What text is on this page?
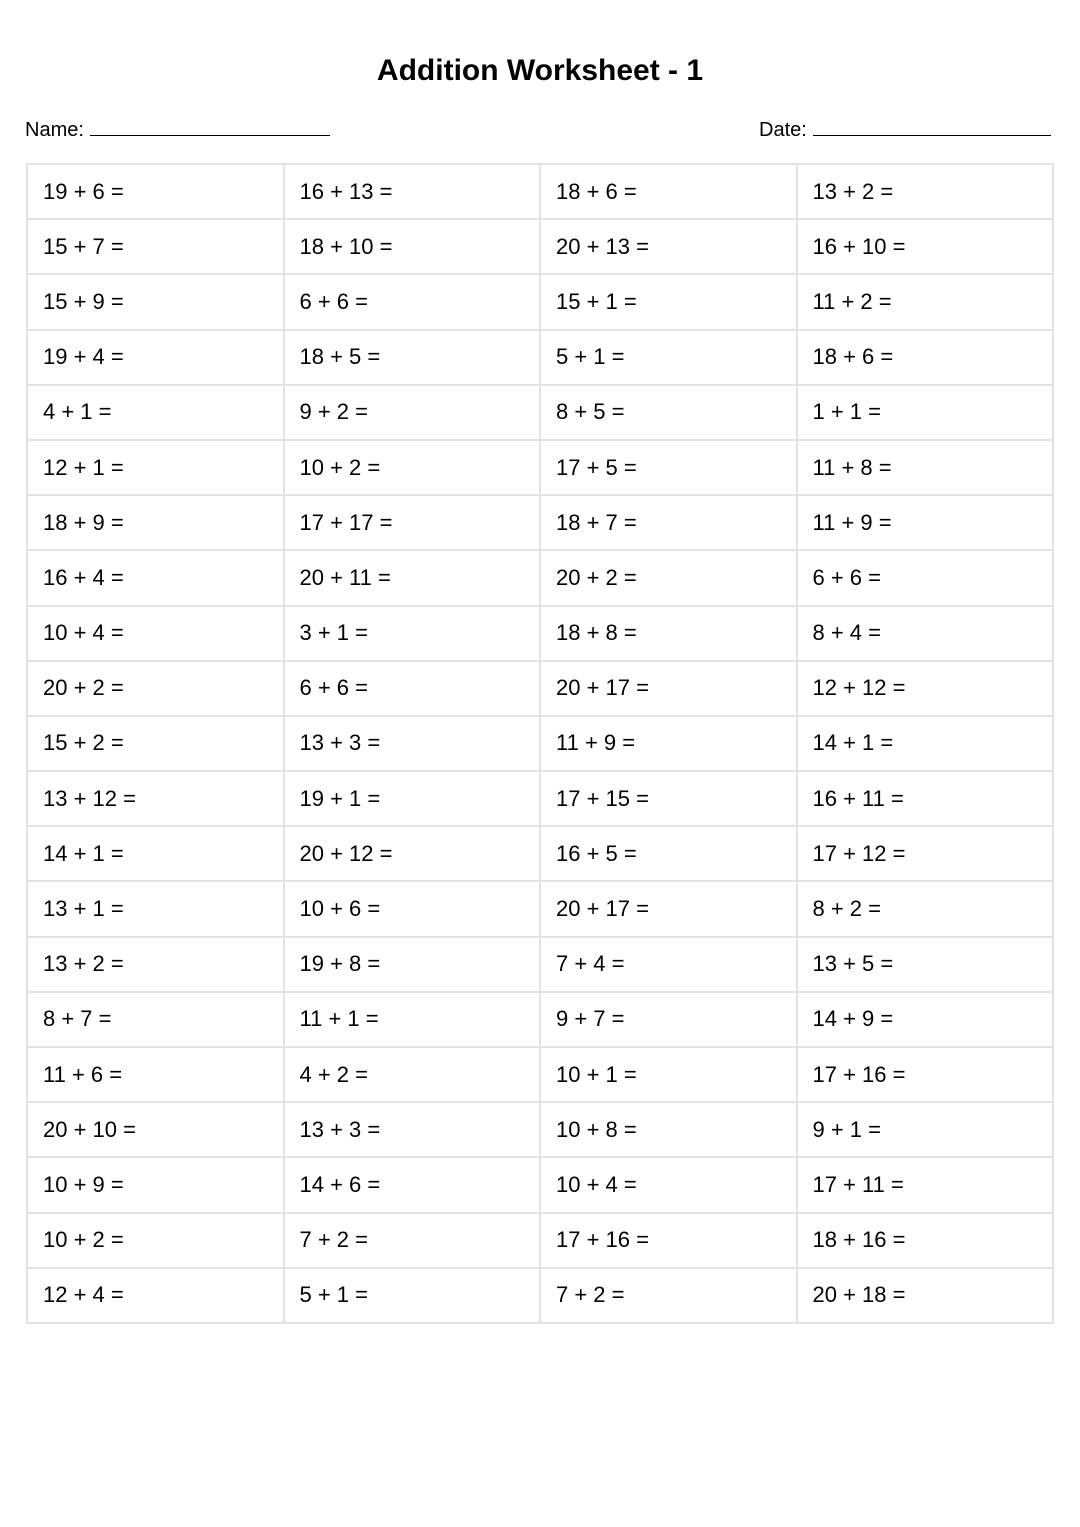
Addition Worksheet - 1
Name:	Date:
19 + 6 =	16 + 13 =	18 + 6 =	13 + 2 =
15 + 7 =	18 + 10 =	20 + 13 =	16 + 10 =
15 + 9 =	6 + 6 =	15 + 1 =	11 + 2 =
19 + 4 =	18 + 5 =	5 + 1 =	18 + 6 =
4 + 1 =	9 + 2 =	8 + 5 =	1 + 1 =
12 + 1 =	10 + 2 =	17 + 5 =	11 + 8 =
18 + 9 =	17 + 17 =	18 + 7 =	11 + 9 =
16 + 4 =	20 + 11 =	20 + 2 =	6 + 6 =
10 + 4 =	3 + 1 =	18 + 8 =	8 + 4 =
20 + 2 =	6 + 6 =	20 + 17 =	12 + 12 =
15 + 2 =	13 + 3 =	11 + 9 =	14 + 1 =
13 + 12 =	19 + 1 =	17 + 15 =	16 + 11 =
14 + 1 =	20 + 12 =	16 + 5 =	17 + 12 =
13 + 1 =	10 + 6 =	20 + 17 =	8 + 2 =
13 + 2 =	19 + 8 =	7 + 4 =	13 + 5 =
8 + 7 =	11 + 1 =	9 + 7 =	14 + 9 =
11 + 6 =	4 + 2 =	10 + 1 =	17 + 16 =
20 + 10 =	13 + 3 =	10 + 8 =	9 + 1 =
10 + 9 =	14 + 6 =	10 + 4 =	17 + 11 =
10 + 2 =	7 + 2 =	17 + 16 =	18 + 16 =
12 + 4 =	5 + 1 =	7 + 2 =	20 + 18 =
